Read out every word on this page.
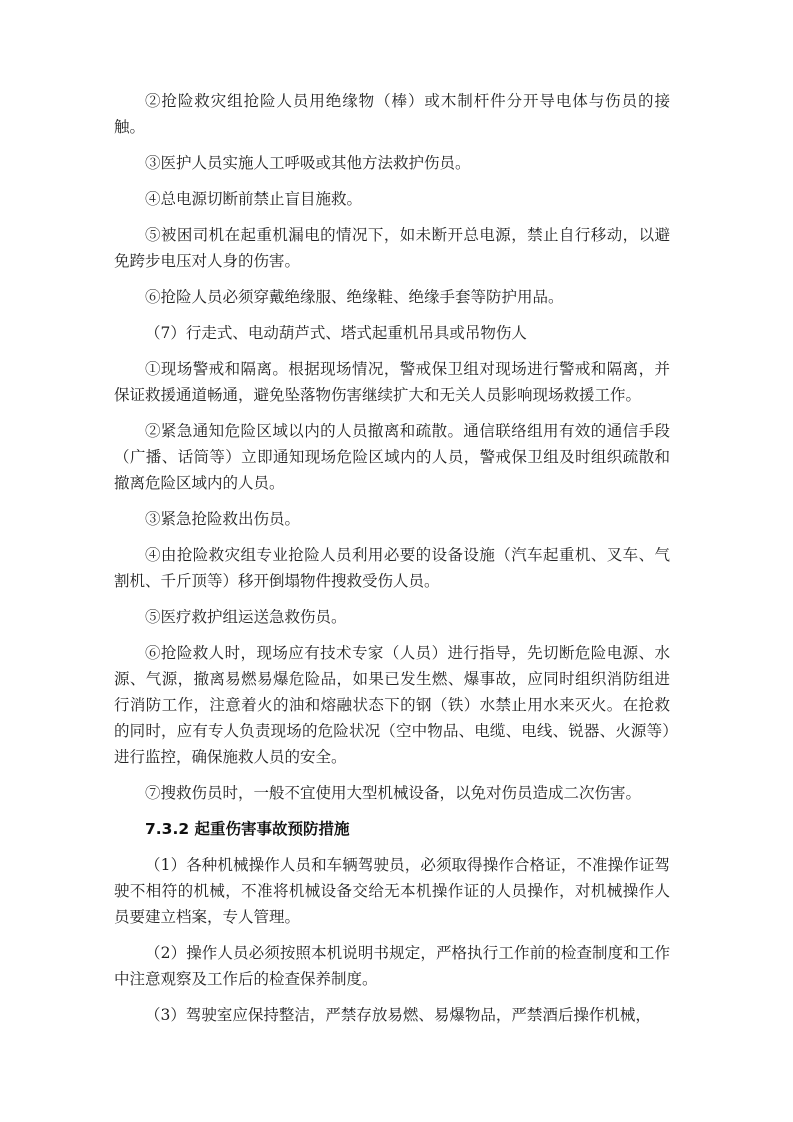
②抢险救灾组抢险人员用绝缘物（棒）或木制杆件分开导电体与伤员的接触。

③医护人员实施人工呼吸或其他方法救护伤员。

④总电源切断前禁止盲目施救。

⑤被困司机在起重机漏电的情况下，如未断开总电源，禁止自行移动，以避免跨步电压对人身的伤害。

⑥抢险人员必须穿戴绝缘服、绝缘鞋、绝缘手套等防护用品。

（7）行走式、电动葫芦式、塔式起重机吊具或吊物伤人

①现场警戒和隔离。根据现场情况，警戒保卫组对现场进行警戒和隔离，并保证救援通道畅通，避免坠落物伤害继续扩大和无关人员影响现场救援工作。

②紧急通知危险区域以内的人员撤离和疏散。通信联络组用有效的通信手段（广播、话筒等）立即通知现场危险区域内的人员，警戒保卫组及时组织疏散和撤离危险区域内的人员。

③紧急抢险救出伤员。

④由抢险救灾组专业抢险人员利用必要的设备设施（汽车起重机、叉车、气割机、千斤顶等）移开倒塌物件搜救受伤人员。

⑤医疗救护组运送急救伤员。

⑥抢险救人时，现场应有技术专家（人员）进行指导，先切断危险电源、水源、气源，撤离易燃易爆危险品，如果已发生燃、爆事故，应同时组织消防组进行消防工作，注意着火的油和熔融状态下的钢（铁）水禁止用水来灭火。在抢救的同时，应有专人负责现场的危险状况（空中物品、电缆、电线、锐器、火源等）进行监控，确保施救人员的安全。

⑦搜救伤员时，一般不宜使用大型机械设备，以免对伤员造成二次伤害。

7.3.2 起重伤害事故预防措施

（1）各种机械操作人员和车辆驾驶员，必须取得操作合格证，不准操作证驾驶不相符的机械，不准将机械设备交给无本机操作证的人员操作，对机械操作人员要建立档案，专人管理。

（2）操作人员必须按照本机说明书规定，严格执行工作前的检查制度和工作中注意观察及工作后的检查保养制度。

（3）驾驶室应保持整洁，严禁存放易燃、易爆物品，严禁酒后操作机械，
